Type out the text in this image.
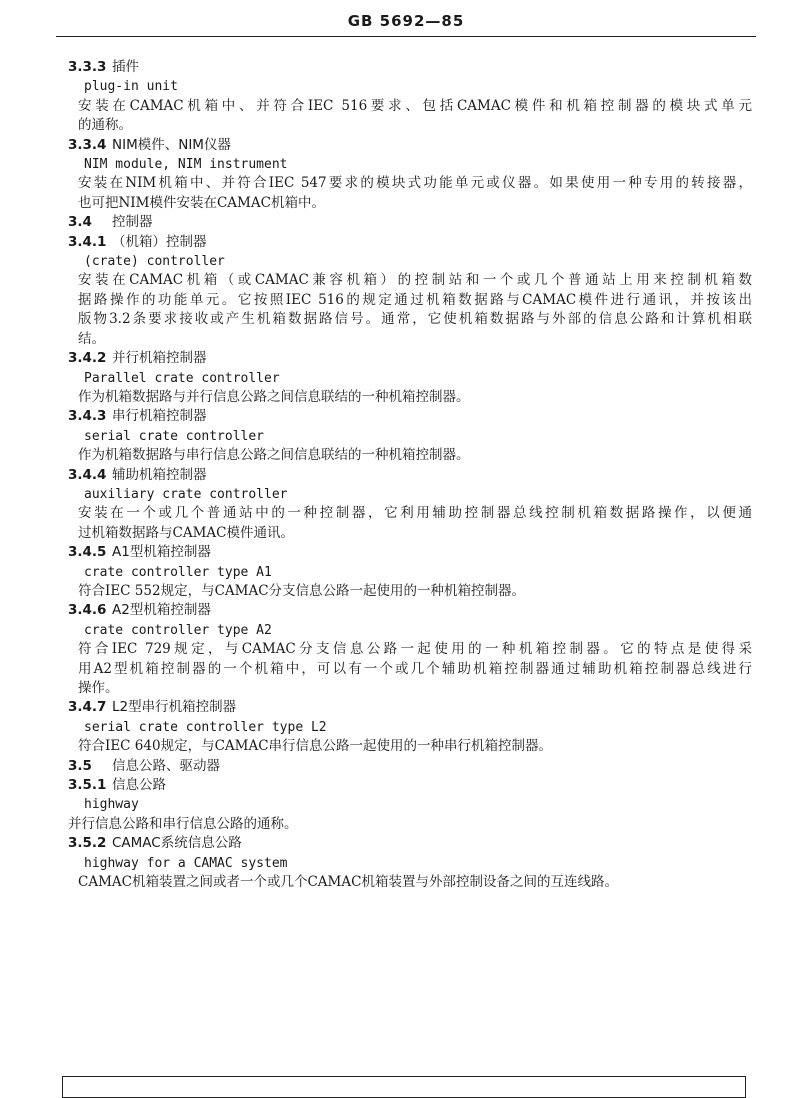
GB 5692—85
3.3.3 插件
plug-in unit
安装在CAMAC机箱中、并符合IEC 516要求、包括CAMAC模件和机箱控制器的模块式单元
的通称。
3.3.4 NIM模件、NIM仪器
NIM module, NIM instrument
安装在NIM机箱中、并符合IEC 547要求的模块式功能单元或仪器。如果使用一种专用的转接器，
也可把NIM模件安装在CAMAC机箱中。
3.4 控制器
3.4.1 （机箱）控制器
(crate) controller
安装在CAMAC机箱（或CAMAC兼容机箱）的控制站和一个或几个普通站上用来控制机箱数
据路操作的功能单元。它按照IEC 516的规定通过机箱数据路与CAMAC模件进行通讯，并按该出
版物3.2条要求接收或产生机箱数据路信号。通常，它使机箱数据路与外部的信息公路和计算机相联
结。
3.4.2 并行机箱控制器
Parallel crate controller
作为机箱数据路与并行信息公路之间信息联结的一种机箱控制器。
3.4.3 串行机箱控制器
serial crate controller
作为机箱数据路与串行信息公路之间信息联结的一种机箱控制器。
3.4.4 辅助机箱控制器
auxiliary crate controller
安装在一个或几个普通站中的一种控制器，它利用辅助控制器总线控制机箱数据路操作，以便通
过机箱数据路与CAMAC模件通讯。
3.4.5 A1型机箱控制器
crate controller type A1
符合IEC 552规定，与CAMAC分支信息公路一起使用的一种机箱控制器。
3.4.6 A2型机箱控制器
crate controller type A2
符合IEC 729规定，与CAMAC分支信息公路一起使用的一种机箱控制器。它的特点是使得采
用A2型机箱控制器的一个机箱中，可以有一个或几个辅助机箱控制器通过辅助机箱控制器总线进行
操作。
3.4.7 L2型串行机箱控制器
serial crate controller type L2
符合IEC 640规定，与CAMAC串行信息公路一起使用的一种串行机箱控制器。
3.5 信息公路、驱动器
3.5.1 信息公路
highway
并行信息公路和串行信息公路的通称。
3.5.2 CAMAC系统信息公路
highway for a CAMAC system
CAMAC机箱装置之间或者一个或几个CAMAC机箱装置与外部控制设备之间的互连线路。
